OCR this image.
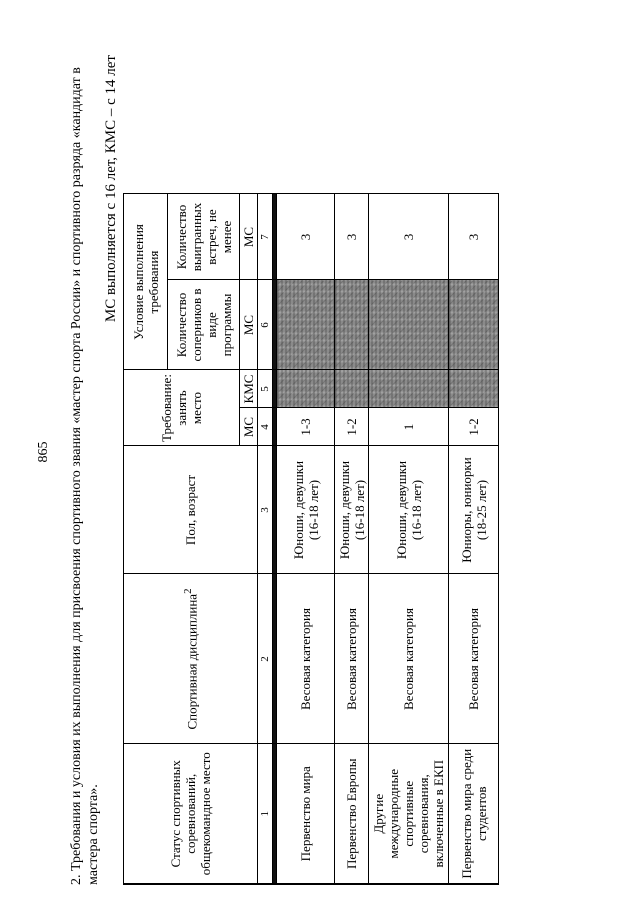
865 2. Требования и условия их выполнения для присвоения спортивного звания «мастер спорта России» и спортивного разряда «кандидат в мастера спорта».
МС выполняется с 16 лет, КМС – с 14 лет
Статус спортивных соревнований, общекомандное место	Спортивная дисциплина$^2$	Пол, возраст	Требование: занять место		Условие выполнения требования	
					Количество соперников в виде программы	Количество выигранных встреч, не менее
			МС	КМС	МС	МС
1	2	3	4	5	6	7

Первенство мира	Весовая категория	Юноши, девушки (16-18 лет)	1-3			3
Первенство Европы	Весовая категория	Юноши, девушки (16-18 лет)	1-2			3
Другие международные спортивные соревнования, включенные в ЕКП	Весовая категория	Юноши, девушки (16-18 лет)	1			3
Первенство мира среди студентов	Весовая категория	Юниоры, юниорки (18-25 лет)	1-2			3
